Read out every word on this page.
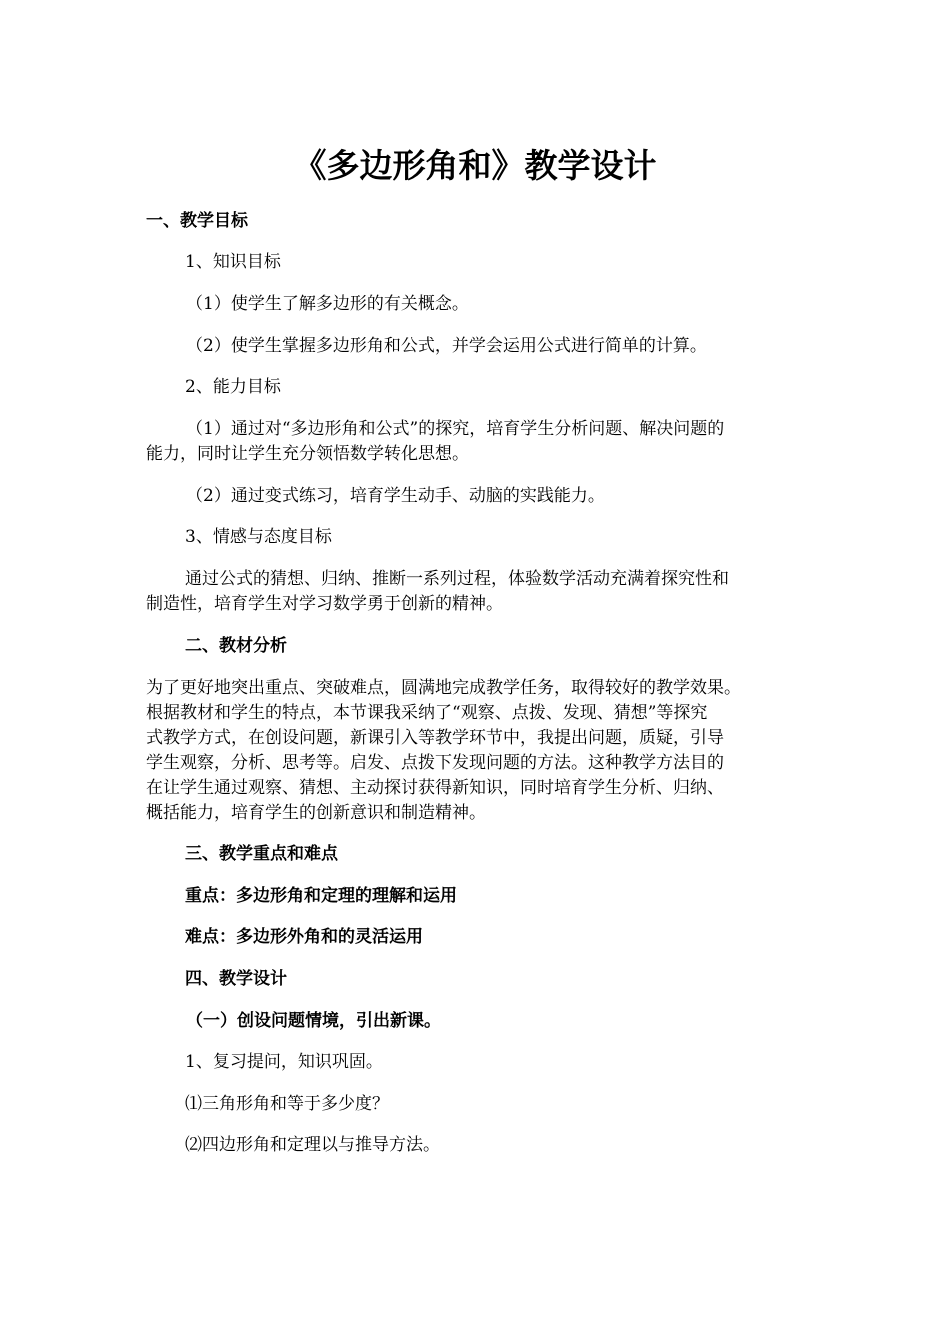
《多边形角和》教学设计

一、教学目标

1、知识目标

（1）使学生了解多边形的有关概念。

（2）使学生掌握多边形角和公式，并学会运用公式进行简单的计算。

2、能力目标

（1）通过对“多边形角和公式”的探究，培育学生分析问题、解决问题的

能力，同时让学生充分领悟数学转化思想。

（2）通过变式练习，培育学生动手、动脑的实践能力。

3、情感与态度目标

通过公式的猜想、归纳、推断一系列过程，体验数学活动充满着探究性和

制造性，培育学生对学习数学勇于创新的精神。

二、教材分析

为了更好地突出重点、突破难点，圆满地完成教学任务，取得较好的教学效果。

根据教材和学生的特点，本节课我采纳了“观察、点拨、发现、猜想”等探究

式教学方式，在创设问题，新课引入等教学环节中，我提出问题，质疑，引导

学生观察，分析、思考等。启发、点拨下发现问题的方法。这种教学方法目的

在让学生通过观察、猜想、主动探讨获得新知识，同时培育学生分析、归纳、

概括能力，培育学生的创新意识和制造精神。

三、教学重点和难点

重点：多边形角和定理的理解和运用

难点：多边形外角和的灵活运用

四、教学设计

（一）创设问题情境，引出新课。

1、复习提问，知识巩固。

⑴三角形角和等于多少度？

⑵四边形角和定理以与推导方法。
